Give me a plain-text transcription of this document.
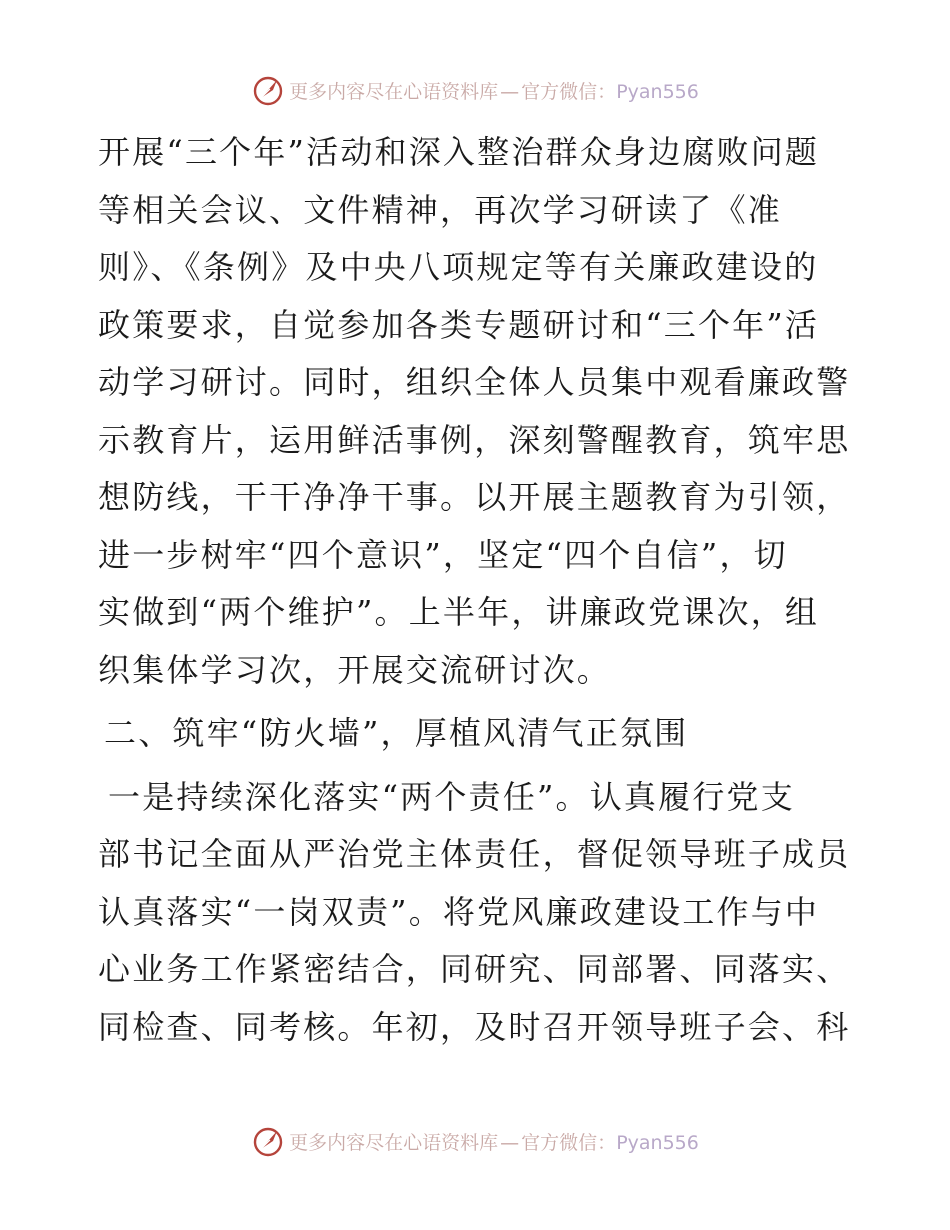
更多内容尽在心语资料库 — 官方微信：Pyan556

开展“三个年”活动和深入整治群众身边腐败问题
等相关会议、文件精神，再次学习研读了《准
则》、《条例》及中央八项规定等有关廉政建设的
政策要求，自觉参加各类专题研讨和“三个年”活
动学习研讨。同时，组织全体人员集中观看廉政警
示教育片，运用鲜活事例，深刻警醒教育，筑牢思
想防线，干干净净干事。以开展主题教育为引领，
进一步树牢“四个意识”，坚定“四个自信”，切
实做到“两个维护”。上半年，讲廉政党课次，组
织集体学习次，开展交流研讨次。

二、筑牢“防火墙”，厚植风清气正氛围

一是持续深化落实“两个责任”。认真履行党支
部书记全面从严治党主体责任，督促领导班子成员
认真落实“一岗双责”。将党风廉政建设工作与中
心业务工作紧密结合，同研究、同部署、同落实、
同检查、同考核。年初，及时召开领导班子会、科

更多内容尽在心语资料库 — 官方微信：Pyan556
